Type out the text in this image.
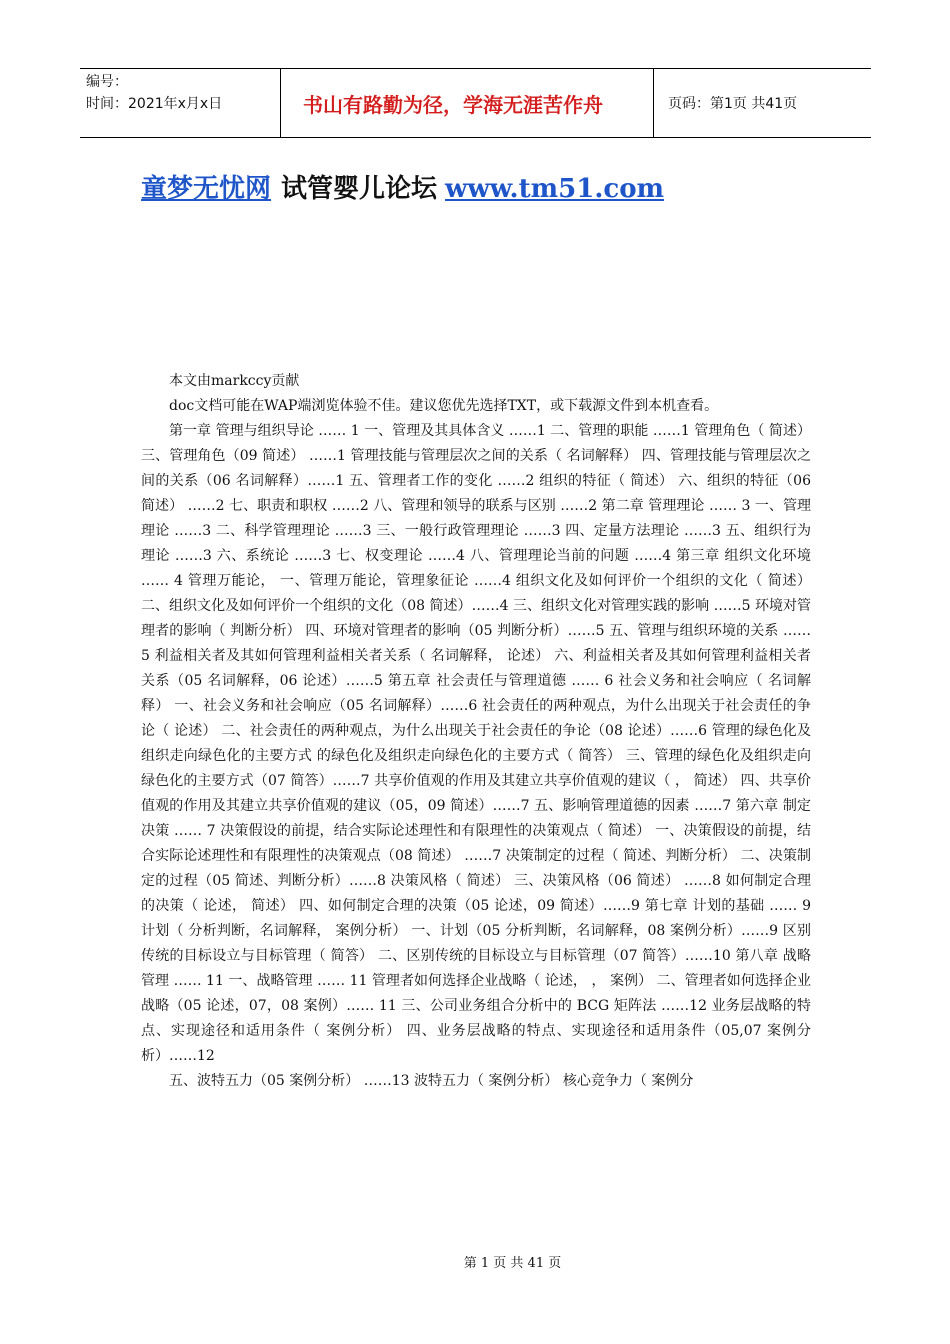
编号：
时间：2021年x月x日	书山有路勤为径，学海无涯苦作舟	页码：第1页 共41页
童梦无忧网 试管婴儿论坛 www.tm51.com

本文由markccy贡献

doc文档可能在WAP端浏览体验不佳。建议您优先选择TXT，或下载源文件到本机查看。

第一章 管理与组织导论 …… 1 一、管理及其具体含义 ……1 二、管理的职能 ……1 管理角色（ 简述） 三、管理角色（09 简述） ……1 管理技能与管理层次之间的关系（ 名词解释） 四、管理技能与管理层次之间的关系（06 名词解释）……1 五、管理者工作的变化 ……2 组织的特征（ 简述） 六、组织的特征（06 简述） ……2 七、职责和职权 ……2 八、管理和领导的联系与区别 ……2 第二章 管理理论 …… 3 一、管理理论 ……3 二、科学管理理论 ……3 三、一般行政管理理论 ……3 四、定量方法理论 ……3 五、组织行为理论 ……3 六、系统论 ……3 七、权变理论 ……4 八、管理理论当前的问题 ……4 第三章 组织文化环境 …… 4 管理万能论， 一、管理万能论，管理象征论 ……4 组织文化及如何评价一个组织的文化（ 简述） 二、组织文化及如何评价一个组织的文化（08 简述）……4 三、组织文化对管理实践的影响 ……5 环境对管理者的影响（ 判断分析） 四、环境对管理者的影响（05 判断分析）……5 五、管理与组织环境的关系 ……5 利益相关者及其如何管理利益相关者关系（ 名词解释， 论述） 六、利益相关者及其如何管理利益相关者关系（05 名词解释，06 论述）……5 第五章 社会责任与管理道德 …… 6 社会义务和社会响应（ 名词解释） 一、社会义务和社会响应（05 名词解释）……6 社会责任的两种观点，为什么出现关于社会责任的争论（ 论述） 二、社会责任的两种观点，为什么出现关于社会责任的争论（08 论述）……6 管理的绿色化及组织走向绿色化的主要方式 的绿色化及组织走向绿色化的主要方式（ 简答） 三、管理的绿色化及组织走向绿色化的主要方式（07 简答）……7 共享价值观的作用及其建立共享价值观的建议（ ， 简述） 四、共享价值观的作用及其建立共享价值观的建议（05，09 简述）……7 五、影响管理道德的因素 ……7 第六章 制定决策 …… 7 决策假设的前提，结合实际论述理性和有限理性的决策观点（ 简述） 一、决策假设的前提，结合实际论述理性和有限理性的决策观点（08 简述） ……7 决策制定的过程（ 简述、判断分析） 二、决策制定的过程（05 简述、判断分析）……8 决策风格（ 简述） 三、决策风格（06 简述） ……8 如何制定合理的决策（ 论述， 简述） 四、如何制定合理的决策（05 论述，09 简述）……9 第七章 计划的基础 …… 9 计划（ 分析判断，名词解释， 案例分析） 一、计划（05 分析判断，名词解释，08 案例分析）……9 区别传统的目标设立与目标管理（ 简答） 二、区别传统的目标设立与目标管理（07 简答）……10 第八章 战略管理 …… 11 一、战略管理 …… 11 管理者如何选择企业战略（ 论述， ， 案例） 二、管理者如何选择企业战略（05 论述，07，08 案例）…… 11 三、公司业务组合分析中的 BCG 矩阵法 ……12 业务层战略的特点、实现途径和适用条件（ 案例分析） 四、业务层战略的特点、实现途径和适用条件（05,07 案例分析）……12

五、波特五力（05 案例分析） ……13 波特五力（ 案例分析） 核心竞争力（ 案例分

第 1 页 共 41 页
